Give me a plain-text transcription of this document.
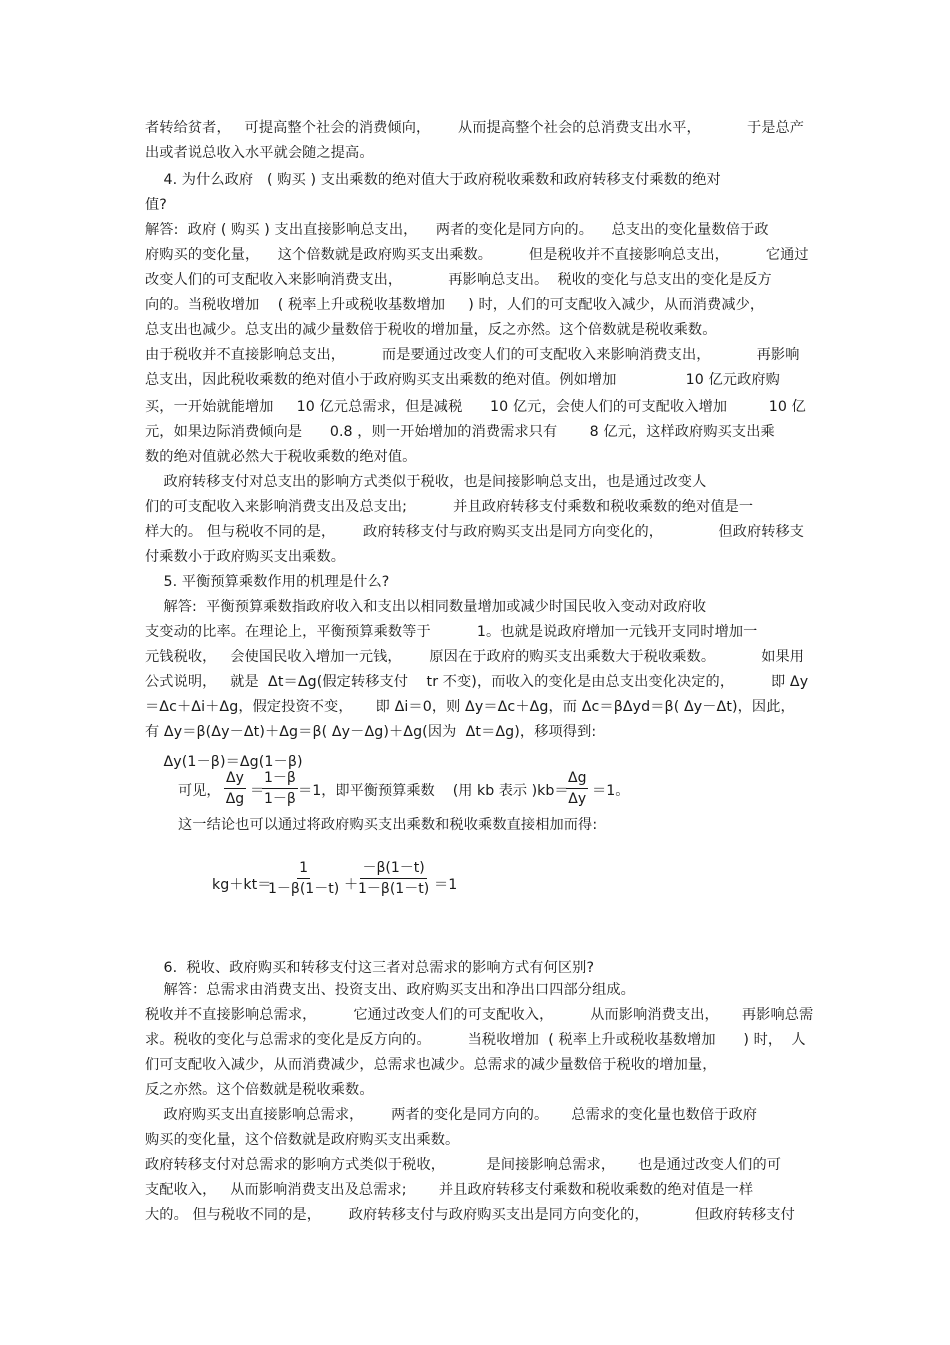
者转给贫者，   可提高整个社会的消费倾向，      从而提高整个社会的总消费支出水平，          于是总产
出或者说总收入水平就会随之提高。
4. 为什么政府   ( 购买 ) 支出乘数的绝对值大于政府税收乘数和政府转移支付乘数的绝对
值?
解答:  政府 ( 购买 ) 支出直接影响总支出，    两者的变化是同方向的。    总支出的变化量数倍于政
府购买的变化量，    这个倍数就是政府购买支出乘数。        但是税收并不直接影响总支出，        它通过
改变人们的可支配收入来影响消费支出，          再影响总支出。  税收的变化与总支出的变化是反方
向的。当税收增加    ( 税率上升或税收基数增加     ) 时，人们的可支配收入减少，从而消费减少，
总支出也减少。总支出的减少量数倍于税收的增加量，反之亦然。这个倍数就是税收乘数。
由于税收并不直接影响总支出，        而是要通过改变人们的可支配收入来影响消费支出，          再影响
总支出，因此税收乘数的绝对值小于政府购买支出乘数的绝对值。例如增加               10 亿元政府购
买，一开始就能增加     10 亿元总需求，但是减税      10 亿元，会使人们的可支配收入增加         10 亿
元，如果边际消费倾向是      0.8 ，则一开始增加的消费需求只有       8 亿元，这样政府购买支出乘
数的绝对值就必然大于税收乘数的绝对值。
政府转移支付对总支出的影响方式类似于税收，也是间接影响总支出，也是通过改变人
们的可支配收入来影响消费支出及总支出;          并且政府转移支付乘数和税收乘数的绝对值是一
样大的。 但与税收不同的是，      政府转移支付与政府购买支出是同方向变化的，            但政府转移支
付乘数小于政府购买支出乘数。
5. 平衡预算乘数作用的机理是什么?
解答:  平衡预算乘数指政府收入和支出以相同数量增加或减少时国民收入变动对政府收
支变动的比率。在理论上，平衡预算乘数等于          1。也就是说政府增加一元钱开支同时增加一
元钱税收，   会使国民收入增加一元钱，      原因在于政府的购买支出乘数大于税收乘数。          如果用
公式说明，   就是  Δt＝Δg(假定转移支付    tr 不变)，而收入的变化是由总支出变化决定的，        即 Δy
＝Δc＋Δi＋Δg，假定投资不变，     即 Δi＝0，则 Δy＝Δc＋Δg，而 Δc＝βΔyd＝β( Δy－Δt)，因此，
有 Δy＝β(Δy－Δt)＋Δg＝β( Δy－Δg)＋Δg(因为  Δt＝Δg)，移项得到:
Δy(1－β)＝Δg(1－β)

可见，

$\frac{\Delta y}{\Delta g}$

＝

$\frac{1-\beta}{1-\beta}$

＝1，即平衡预算乘数    (用 kb 表示 )kb＝

$\frac{\Delta g}{\Delta y}$

＝1。

这一结论也可以通过将政府购买支出乘数和税收乘数直接相加而得:

kg＋kt＝

$\frac{1}{1-\beta(1-t)}$

＋

$\frac{-\beta(1-t)}{1-\beta(1-t)}$

＝1

6.  税收、政府购买和转移支付这三者对总需求的影响方式有何区别?
解答：总需求由消费支出、投资支出、政府购买支出和净出口四部分组成。
税收并不直接影响总需求，        它通过改变人们的可支配收入，        从而影响消费支出，     再影响总需
求。税收的变化与总需求的变化是反方向的。        当税收增加  ( 税率上升或税收基数增加      ) 时，  人
们可支配收入减少，从而消费减少，总需求也减少。总需求的减少量数倍于税收的增加量，
反之亦然。这个倍数就是税收乘数。
政府购买支出直接影响总需求，      两者的变化是同方向的。     总需求的变化量也数倍于政府
购买的变化量，这个倍数就是政府购买支出乘数。
政府转移支付对总需求的影响方式类似于税收，         是间接影响总需求，     也是通过改变人们的可
支配收入，   从而影响消费支出及总需求;       并且政府转移支付乘数和税收乘数的绝对值是一样
大的。 但与税收不同的是，      政府转移支付与政府购买支出是同方向变化的，          但政府转移支付
